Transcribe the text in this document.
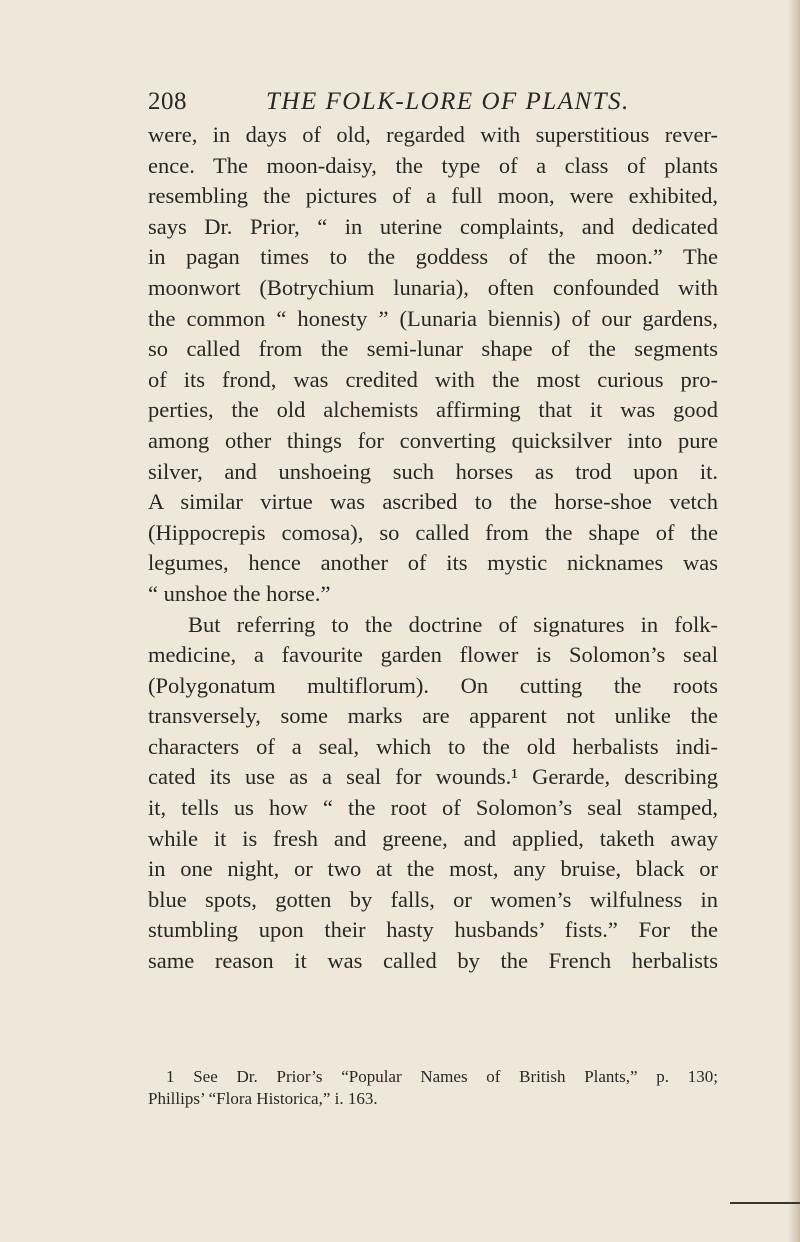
208	THE FOLK-LORE OF PLANTS.
were, in days of old, regarded with superstitious rever-
ence. The moon-daisy, the type of a class of plants
resembling the pictures of a full moon, were exhibited,
says Dr. Prior, “ in uterine complaints, and dedicated
in pagan times to the goddess of the moon.” The
moonwort (Botrychium lunaria), often confounded with
the common “ honesty ” (Lunaria biennis) of our gardens,
so called from the semi-lunar shape of the segments
of its frond, was credited with the most curious pro-
perties, the old alchemists affirming that it was good
among other things for converting quicksilver into pure
silver, and unshoeing such horses as trod upon it.
A similar virtue was ascribed to the horse-shoe vetch
(Hippocrepis comosa), so called from the shape of the
legumes, hence another of its mystic nicknames was
“ unshoe the horse.”
But referring to the doctrine of signatures in folk-
medicine, a favourite garden flower is Solomon’s seal
(Polygonatum multiflorum). On cutting the roots
transversely, some marks are apparent not unlike the
characters of a seal, which to the old herbalists indi-
cated its use as a seal for wounds.¹ Gerarde, describing
it, tells us how “ the root of Solomon’s seal stamped,
while it is fresh and greene, and applied, taketh away
in one night, or two at the most, any bruise, black or
blue spots, gotten by falls, or women’s wilfulness in
stumbling upon their hasty husbands’ fists.” For the
same reason it was called by the French herbalists
1 See Dr. Prior’s “Popular Names of British Plants,” p. 130;
Phillips’ “Flora Historica,” i. 163.
